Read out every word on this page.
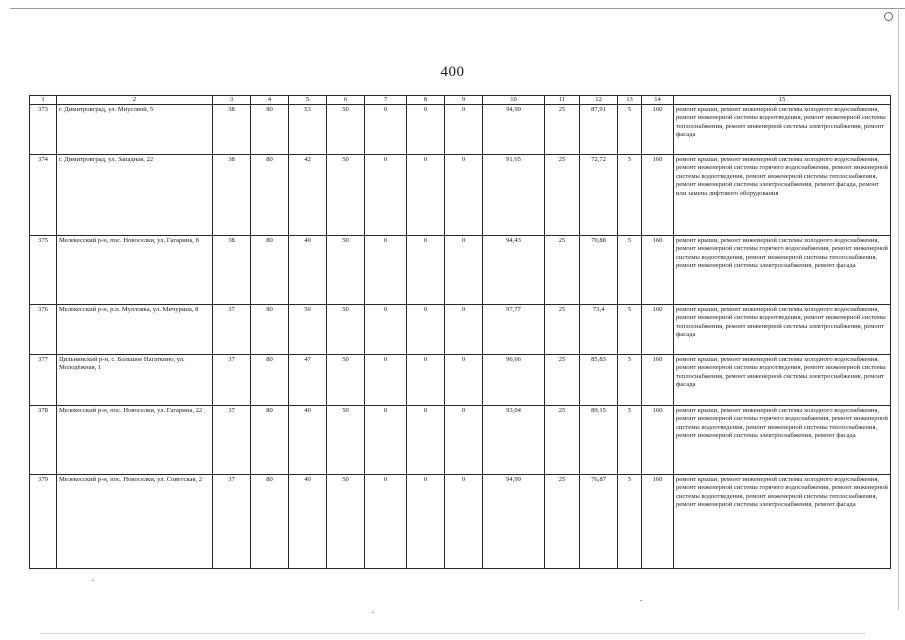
400
1	2	3	4	5	6	7	8	9	10	11	12	13	14	15
373	г. Димитровград, ул. Миусовой, 5	38	80	53	50	0	0	0	94,99	25	87,91	5	160	ремонт крыши, ремонт инженерной системы холодного водоснабжения, ремонт инженерной системы водоотведения, ремонт инженерной системы теплоснабжения, ремонт инженерной системы электроснабжения, ремонт фасада
374	г. Димитровград, ул. Западная, 22	38	80	42	50	0	0	0	91,65	25	72,72	5	160	ремонт крыши, ремонт инженерной системы холодного водоснабжения, ремонт инженерной системы горячего водоснабжения, ремонт инженерной системы водоотведения, ремонт инженерной системы теплоснабжения, ремонт инженерной системы электроснабжения, ремонт фасада, ремонт или замена лифтового оборудования
375	Мелекесский р-н, пос. Новоселки, ул. Гагарина, 8	38	80	40	50	0	0	0	94,43	25	70,88	5	160	ремонт крыши, ремонт инженерной системы холодного водоснабжения, ремонт инженерной системы горячего водоснабжения, ремонт инженерной системы водоотведения, ремонт инженерной системы теплоснабжения, ремонт инженерной системы электроснабжения, ремонт фасада
376	Мелекесский р-н, р.п. Мулловка, ул. Мичурина, 8	37	80	50	50	0	0	0	97,77	25	73,4	5	160	ремонт крыши, ремонт инженерной системы холодного водоснабжения, ремонт инженерной системы водоотведения, ремонт инженерной системы теплоснабжения, ремонт инженерной системы электроснабжения, ремонт фасада
377	Цильнинский р-н, с. Большое Нагаткино, ул. Молодёжная, 1	37	80	47	50	0	0	0	96,66	25	85,83	5	160	ремонт крыши, ремонт инженерной системы холодного водоснабжения, ремонт инженерной системы водоотведения, ремонт инженерной системы теплоснабжения, ремонт инженерной системы электроснабжения, ремонт фасада
378	Мелекесский р-н, пос. Новоселки, ул. Гагарина, 22	37	80	40	50	0	0	0	93,04	25	89,15	5	160	ремонт крыши, ремонт инженерной системы холодного водоснабжения, ремонт инженерной системы горячего водоснабжения, ремонт инженерной системы водоотведения, ремонт инженерной системы теплоснабжения, ремонт инженерной системы электроснабжения, ремонт фасада
379	Мелекесский р-н, пос. Новоселки, ул. Советская, 2	37	80	40	50	0	0	0	94,99	25	76,87	5	160	ремонт крыши, ремонт инженерной системы холодного водоснабжения, ремонт инженерной системы горячего водоснабжения, ремонт инженерной системы водоотведения, ремонт инженерной системы теплоснабжения, ремонт инженерной системы электроснабжения, ремонт фасада
